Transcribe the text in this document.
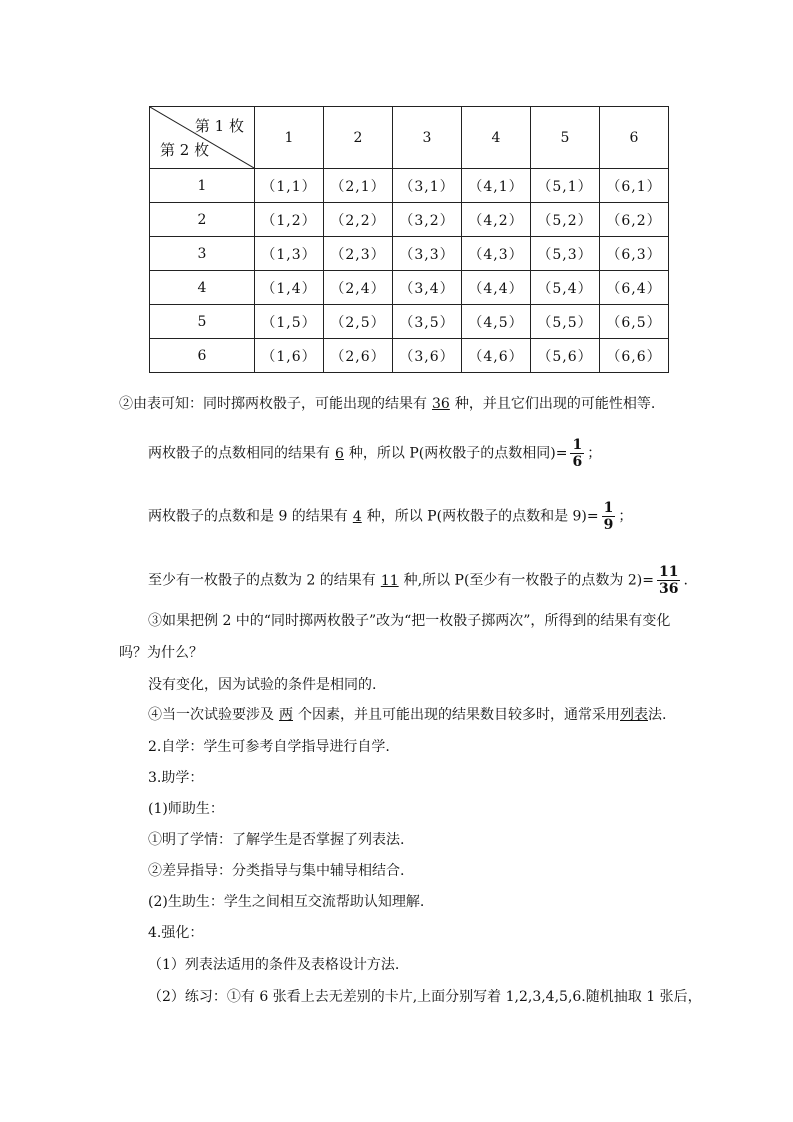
第 1 枚
第 2 枚	1	2	3	4	5	6
1	（1,1）	（2,1）	（3,1）	（4,1）	（5,1）	（6,1）
2	（1,2）	（2,2）	（3,2）	（4,2）	（5,2）	（6,2）
3	（1,3）	（2,3）	（3,3）	（4,3）	（5,3）	（6,3）
4	（1,4）	（2,4）	（3,4）	（4,4）	（5,4）	（6,4）
5	（1,5）	（2,5）	（3,5）	（4,5）	（5,5）	（6,5）
6	（1,6）	（2,6）	（3,6）	（4,6）	（5,6）	（6,6）
②由表可知：同时掷两枚骰子，可能出现的结果有 36 种，并且它们出现的可能性相等.
两枚骰子的点数相同的结果有 6 种，所以 P(两枚骰子的点数相同)= $\frac{1}{6}$ ；
两枚骰子的点数和是 9 的结果有 4 种，所以 P(两枚骰子的点数和是 $9)= \frac{1}{9}$ ；
至少有一枚骰子的点数为 2 的结果有 11 种,所以 P(至少有一枚骰子的点数为 $2)= \frac{11}{36}$ .
③如果把例 2 中的“同时掷两枚骰子”改为“把一枚骰子掷两次”，所得到的结果有变化
吗？为什么？
没有变化，因为试验的条件是相同的.
④当一次试验要涉及 两 个因素，并且可能出现的结果数目较多时，通常采用列表法.
2.自学：学生可参考自学指导进行自学.
3.助学：
(1)师助生：
①明了学情：了解学生是否掌握了列表法.
②差异指导：分类指导与集中辅导相结合.
(2)生助生：学生之间相互交流帮助认知理解.
4.强化：
（1）列表法适用的条件及表格设计方法.
（2）练习：①有 6 张看上去无差别的卡片,上面分别写着 1,2,3,4,5,6.随机抽取 1 张后，
